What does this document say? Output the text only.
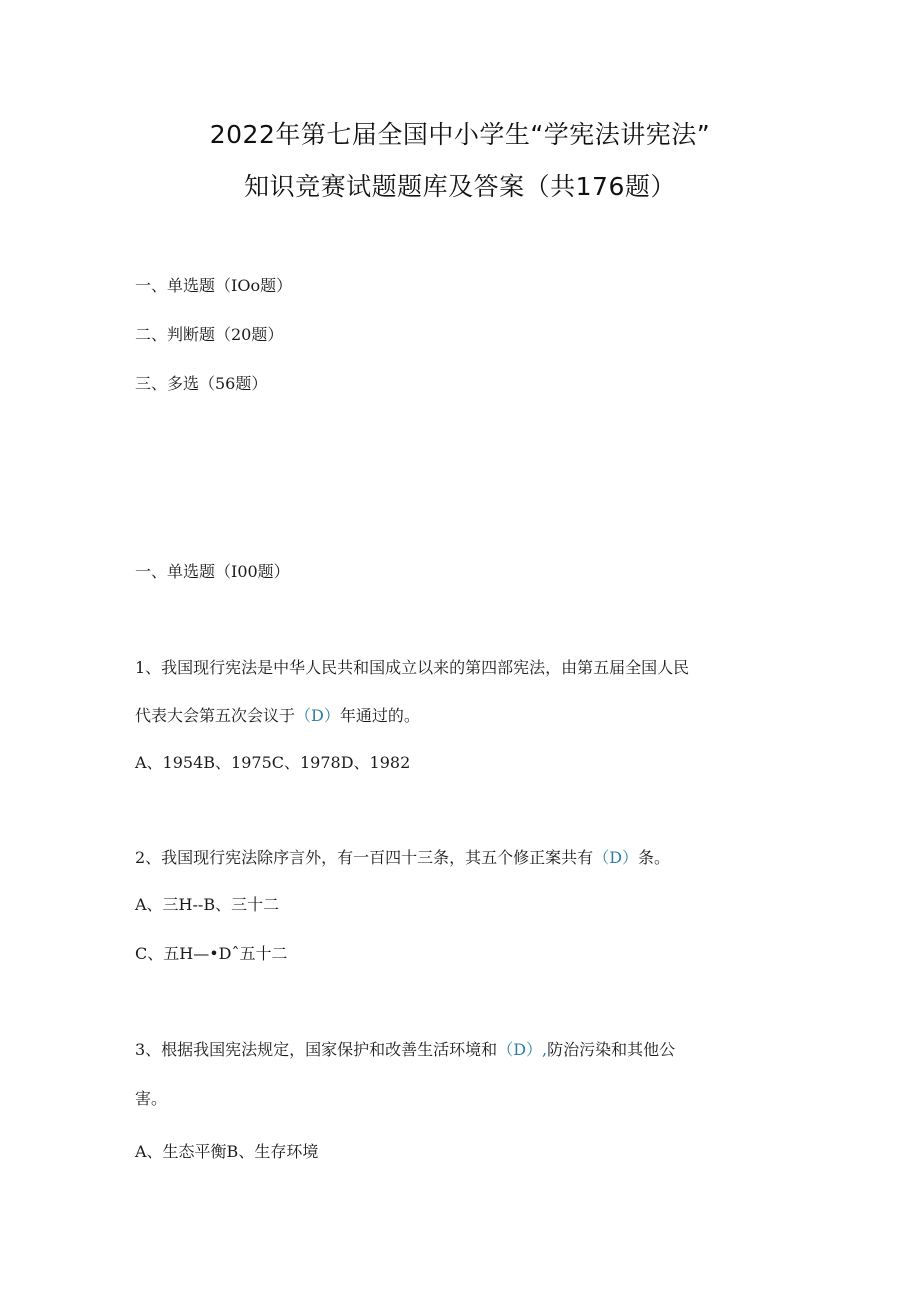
2022年第七届全国中小学生“学宪法讲宪法”
知识竞赛试题题库及答案（共176题）
一、单选题（IOo题）
二、判断题（20题）
三、多选（56题）
一、单选题（I00题）
1、我国现行宪法是中华人民共和国成立以来的第四部宪法，由第五届全国人民
代表大会第五次会议于（D）年通过的。
A、1954B、1975C、1978D、1982
2、我国现行宪法除序言外，有一百四十三条，其五个修正案共有（D）条。
A、三H--B、三十二
C、五H—•Dˆ五十二
3、根据我国宪法规定，国家保护和改善生活环境和（D）,防治污染和其他公
害。
A、生态平衡B、生存环境
